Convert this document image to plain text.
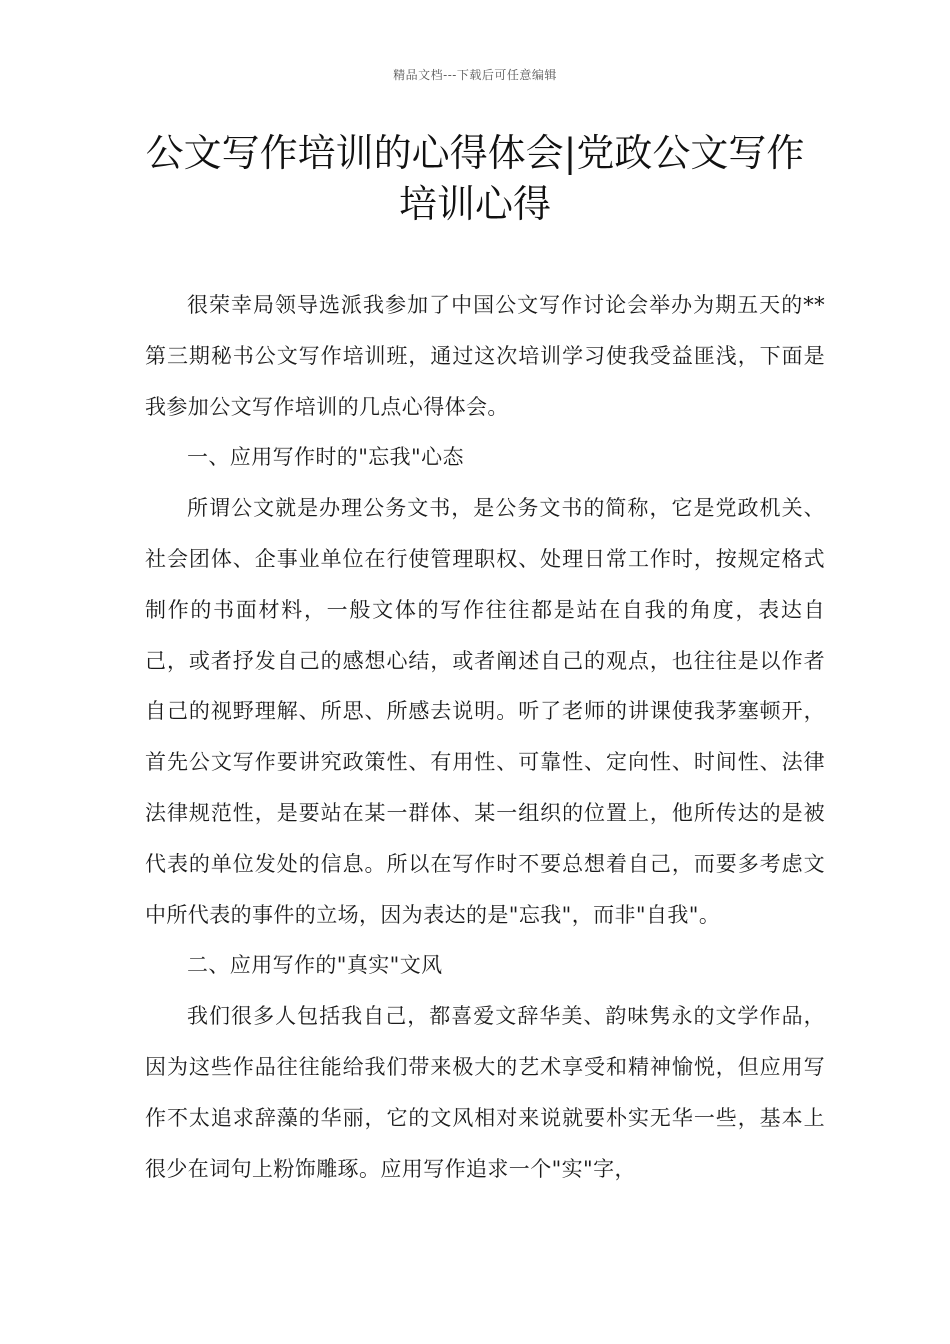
精品文档---下载后可任意编辑
公文写作培训的心得体会|党政公文写作培训心得

很荣幸局领导选派我参加了中国公文写作讨论会举办为期五天的**第三期秘书公文写作培训班，通过这次培训学习使我受益匪浅，下面是我参加公文写作培训的几点心得体会。

一、应用写作时的"忘我"心态

所谓公文就是办理公务文书，是公务文书的简称，它是党政机关、社会团体、企事业单位在行使管理职权、处理日常工作时，按规定格式制作的书面材料，一般文体的写作往往都是站在自我的角度，表达自己，或者抒发自己的感想心结，或者阐述自己的观点，也往往是以作者自己的视野理解、所思、所感去说明。听了老师的讲课使我茅塞顿开，首先公文写作要讲究政策性、有用性、可靠性、定向性、时间性、法律法律规范性，是要站在某一群体、某一组织的位置上，他所传达的是被代表的单位发处的信息。所以在写作时不要总想着自己，而要多考虑文中所代表的事件的立场，因为表达的是"忘我"，而非"自我"。

二、应用写作的"真实"文风

我们很多人包括我自己，都喜爱文辞华美、韵味隽永的文学作品，因为这些作品往往能给我们带来极大的艺术享受和精神愉悦，但应用写作不太追求辞藻的华丽，它的文风相对来说就要朴实无华一些，基本上很少在词句上粉饰雕琢。应用写作追求一个"实"字，
